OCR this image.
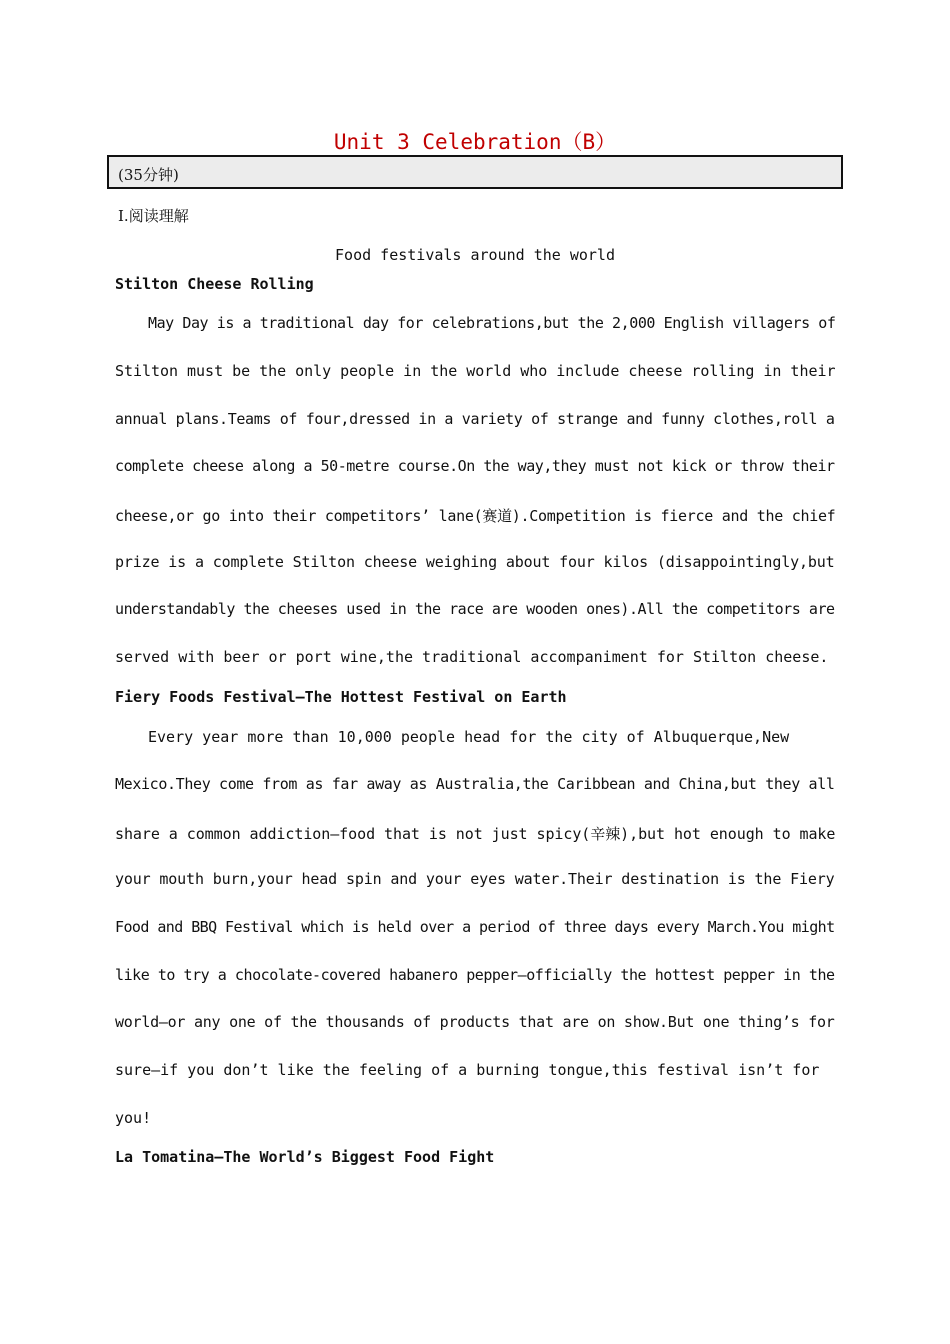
Unit 3 Celebration（B）
(35分钟)
Ⅰ.阅读理解
Food festivals around the world
Stilton Cheese Rolling
May Day is a traditional day for celebrations,but the 2,000 English villagers of
Stilton must be the only people in the world who include cheese rolling in their
annual plans.Teams of four,dressed in a variety of strange and funny clothes,roll a
complete cheese along a 50-metre course.On the way,they must not kick or throw their
cheese,or go into their competitors’ lane(赛道).Competition is fierce and the chief
prize is a complete Stilton cheese weighing about four kilos (disappointingly,but
understandably the cheeses used in the race are wooden ones).All the competitors are
served with beer or port wine,the traditional accompaniment for Stilton cheese.
Fiery Foods Festival—The Hottest Festival on Earth
Every year more than 10,000 people head for the city of Albuquerque,New
Mexico.They come from as far away as Australia,the Caribbean and China,but they all
share a common addiction—food that is not just spicy(辛辣),but hot enough to make
your mouth burn,your head spin and your eyes water.Their destination is the Fiery
Food and BBQ Festival which is held over a period of three days every March.You might
like to try a chocolate-covered habanero pepper—officially the hottest pepper in the
world—or any one of the thousands of products that are on show.But one thing’s for
sure—if you don’t like the feeling of a burning tongue,this festival isn’t for
you!
La Tomatina—The World’s Biggest Food Fight
